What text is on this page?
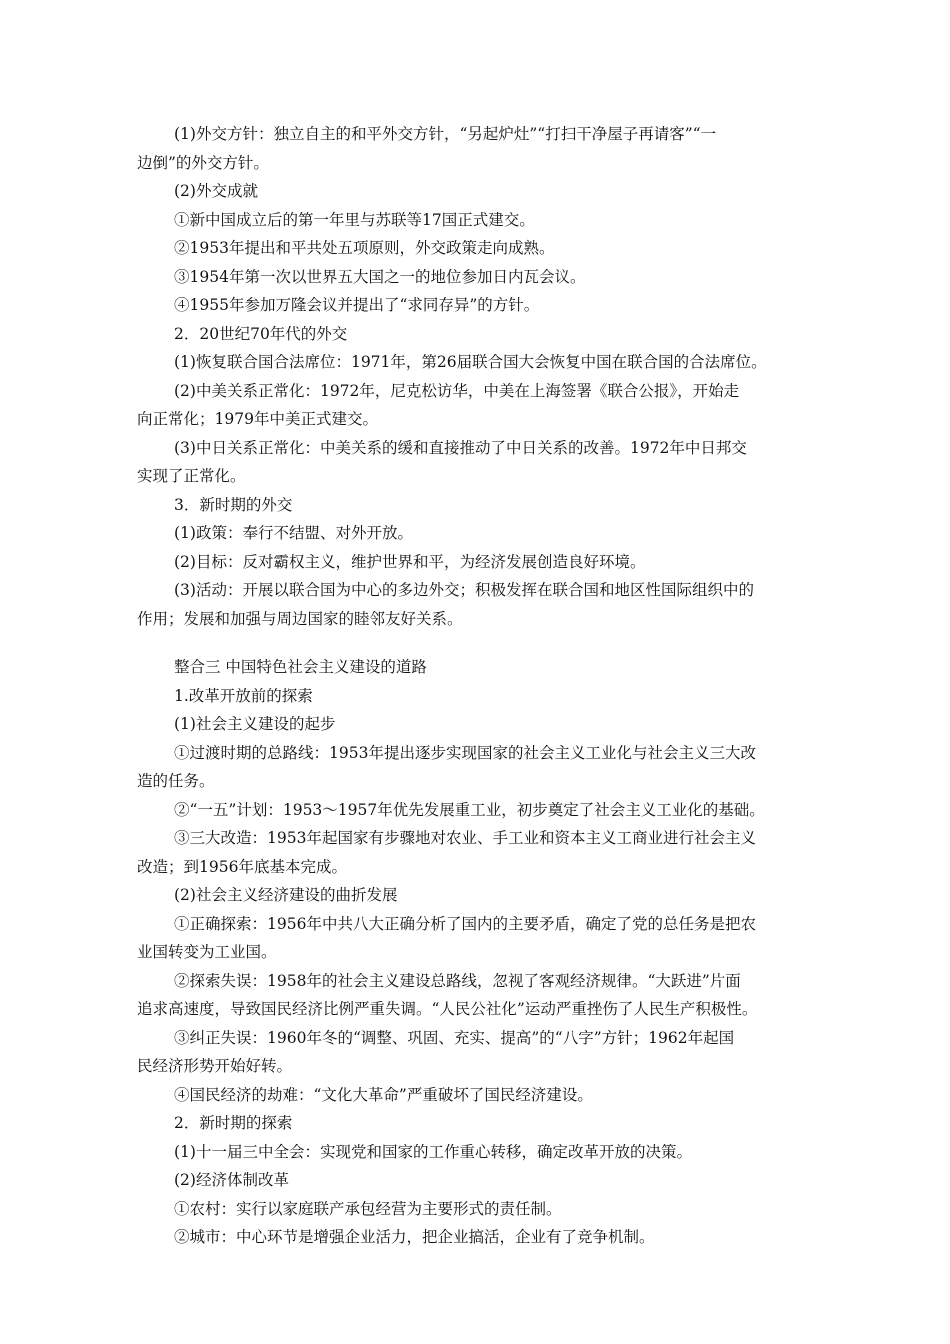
(1)外交方针：独立自主的和平外交方针，“另起炉灶”“打扫干净屋子再请客”“一
边倒”的外交方针。
(2)外交成就
①新中国成立后的第一年里与苏联等17国正式建交。
②1953年提出和平共处五项原则，外交政策走向成熟。
③1954年第一次以世界五大国之一的地位参加日内瓦会议。
④1955年参加万隆会议并提出了“求同存异”的方针。
2．20世纪70年代的外交
(1)恢复联合国合法席位：1971年，第26届联合国大会恢复中国在联合国的合法席位。
(2)中美关系正常化：1972年，尼克松访华，中美在上海签署《联合公报》，开始走
向正常化；1979年中美正式建交。
(3)中日关系正常化：中美关系的缓和直接推动了中日关系的改善。1972年中日邦交
实现了正常化。
3．新时期的外交
(1)政策：奉行不结盟、对外开放。
(2)目标：反对霸权主义，维护世界和平，为经济发展创造良好环境。
(3)活动：开展以联合国为中心的多边外交；积极发挥在联合国和地区性国际组织中的
作用；发展和加强与周边国家的睦邻友好关系。
整合三 中国特色社会主义建设的道路
1.改革开放前的探索
(1)社会主义建设的起步
①过渡时期的总路线：1953年提出逐步实现国家的社会主义工业化与社会主义三大改
造的任务。
②“一五”计划：1953～1957年优先发展重工业，初步奠定了社会主义工业化的基础。
③三大改造：1953年起国家有步骤地对农业、手工业和资本主义工商业进行社会主义
改造；到1956年底基本完成。
(2)社会主义经济建设的曲折发展
①正确探索：1956年中共八大正确分析了国内的主要矛盾，确定了党的总任务是把农
业国转变为工业国。
②探索失误：1958年的社会主义建设总路线，忽视了客观经济规律。“大跃进”片面
追求高速度，导致国民经济比例严重失调。“人民公社化”运动严重挫伤了人民生产积极性。
③纠正失误：1960年冬的“调整、巩固、充实、提高”的“八字”方针；1962年起国
民经济形势开始好转。
④国民经济的劫难：“文化大革命”严重破坏了国民经济建设。
2．新时期的探索
(1)十一届三中全会：实现党和国家的工作重心转移，确定改革开放的决策。
(2)经济体制改革
①农村：实行以家庭联产承包经营为主要形式的责任制。
②城市：中心环节是增强企业活力，把企业搞活，企业有了竞争机制。
